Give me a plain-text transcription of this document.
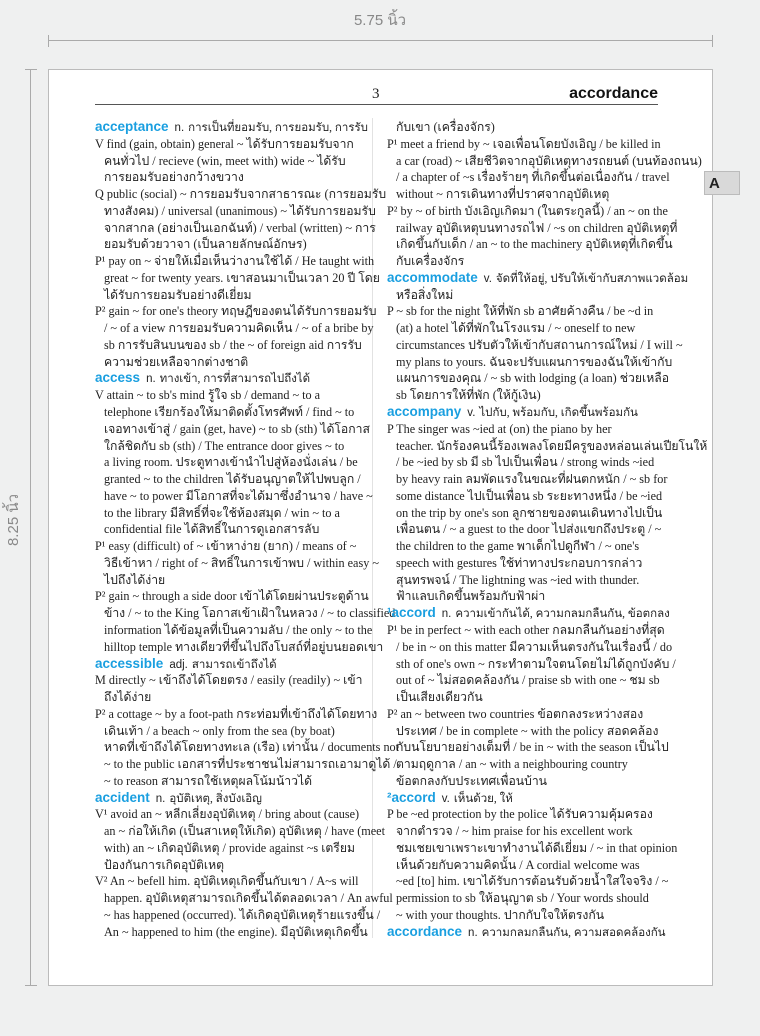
5.75 นิ้ว
8.25 นิ้ว
3	accordance
A
acceptance n. การเป็นที่ยอมรับ, การยอมรับ, การรับ
V find (gain, obtain) general ~ ได้รับการยอมรับจาก
คนทั่วไป / recieve (win, meet with) wide ~ ได้รับ
การยอมรับอย่างกว้างขวาง
Q public (social) ~ การยอมรับจากสาธารณะ (การยอมรับ
ทางสังคม) / universal (unanimous) ~ ได้รับการยอมรับ
จากสากล (อย่างเป็นเอกฉันท์) / verbal (written) ~ การ
ยอมรับด้วยวาจา (เป็นลายลักษณ์อักษร)
P¹ pay on ~ จ่ายให้เมื่อเห็นว่างานใช้ได้ / He taught with
great ~ for twenty years. เขาสอนมาเป็นเวลา 20 ปี โดย
ได้รับการยอมรับอย่างดีเยี่ยม
P² gain ~ for one's theory ทฤษฎีของตนได้รับการยอมรับ
/ ~ of a view การยอมรับความคิดเห็น / ~ of a bribe by
sb การรับสินบนของ sb / the ~ of foreign aid การรับ
ความช่วยเหลือจากต่างชาติ
access n. ทางเข้า, การที่สามารถไปถึงได้
V attain ~ to sb's mind รู้ใจ sb / demand ~ to a
telephone เรียกร้องให้มาติดตั้งโทรศัพท์ / find ~ to
เจอทางเข้าสู่ / gain (get, have) ~ to sb (sth) ได้โอกาส
ใกล้ชิดกับ sb (sth) / The entrance door gives ~ to
a living room. ประตูทางเข้านำไปสู่ห้องนั่งเล่น / be
granted ~ to the children ได้รับอนุญาตให้ไปพบลูก /
have ~ to power มีโอกาสที่จะได้มาซึ่งอำนาจ / have ~
to the library มีสิทธิ์ที่จะใช้ห้องสมุด / win ~ to a
confidential file ได้สิทธิ์ในการดูเอกสารลับ
P¹ easy (difficult) of ~ เข้าหาง่าย (ยาก) / means of ~
วิธีเข้าหา / right of ~ สิทธิ์ในการเข้าพบ / within easy ~
ไปถึงได้ง่าย
P² gain ~ through a side door เข้าได้โดยผ่านประตูด้าน
ข้าง / ~ to the King โอกาสเข้าเฝ้าในหลวง / ~ to classified
information ได้ข้อมูลที่เป็นความลับ / the only ~ to the
hilltop temple ทางเดียวที่ขึ้นไปถึงโบสถ์ที่อยู่บนยอดเขา
accessible adj. สามารถเข้าถึงได้
M directly ~ เข้าถึงได้โดยตรง / easily (readily) ~ เข้า
ถึงได้ง่าย
P² a cottage ~ by a foot-path กระท่อมที่เข้าถึงได้โดยทาง
เดินเท้า / a beach ~ only from the sea (by boat)
หาดที่เข้าถึงได้โดยทางทะเล (เรือ) เท่านั้น / documents not
~ to the public เอกสารที่ประชาชนไม่สามารถเอามาดูได้ /
~ to reason สามารถใช้เหตุผลโน้มน้าวได้
accident n. อุบัติเหตุ, สิ่งบังเอิญ
V¹ avoid an ~ หลีกเลี่ยงอุบัติเหตุ / bring about (cause)
an ~ ก่อให้เกิด (เป็นสาเหตุให้เกิด) อุบัติเหตุ / have (meet
with) an ~ เกิดอุบัติเหตุ / provide against ~s เตรียม
ป้องกันการเกิดอุบัติเหตุ
V² An ~ befell him. อุบัติเหตุเกิดขึ้นกับเขา / A~s will
happen. อุบัติเหตุสามารถเกิดขึ้นได้ตลอดเวลา / An awful
~ has happened (occurred). ได้เกิดอุบัติเหตุร้ายแรงขึ้น /
An ~ happened to him (the engine). มีอุบัติเหตุเกิดขึ้น
กับเขา (เครื่องจักร)
P¹ meet a friend by ~ เจอเพื่อนโดยบังเอิญ / be killed in
a car (road) ~ เสียชีวิตจากอุบัติเหตุทางรถยนต์ (บนท้องถนน)
/ a chapter of ~s เรื่องร้ายๆ ที่เกิดขึ้นต่อเนื่องกัน / travel
without ~ การเดินทางที่ปราศจากอุบัติเหตุ
P² by ~ of birth บังเอิญเกิดมา (ในตระกูลนี้) / an ~ on the
railway อุบัติเหตุบนทางรถไฟ / ~s on children อุบัติเหตุที่
เกิดขึ้นกับเด็ก / an ~ to the machinery อุบัติเหตุที่เกิดขึ้น
กับเครื่องจักร
accommodate v. จัดที่ให้อยู่, ปรับให้เข้ากับสภาพแวดล้อม
หรือสิ่งใหม่
P ~ sb for the night ให้ที่พัก sb อาศัยค้างคืน / be ~d in
(at) a hotel ได้ที่พักในโรงแรม / ~ oneself to new
circumstances ปรับตัวให้เข้ากับสถานการณ์ใหม่ / I will ~
my plans to yours. ฉันจะปรับแผนการของฉันให้เข้ากับ
แผนการของคุณ / ~ sb with lodging (a loan) ช่วยเหลือ
sb โดยการให้ที่พัก (ให้กู้เงิน)
accompany v. ไปกับ, พร้อมกับ, เกิดขึ้นพร้อมกัน
P The singer was ~ied at (on) the piano by her
teacher. นักร้องคนนี้ร้องเพลงโดยมีครูของหล่อนเล่นเปียโนให้
/ be ~ied by sb มี sb ไปเป็นเพื่อน / strong winds ~ied
by heavy rain ลมพัดแรงในขณะที่ฝนตกหนัก / ~ sb for
some distance ไปเป็นเพื่อน sb ระยะทางหนึ่ง / be ~ied
on the trip by one's son ลูกชายของตนเดินทางไปเป็น
เพื่อนตน / ~ a guest to the door ไปส่งแขกถึงประตู / ~
the children to the game พาเด็กไปดูกีฬา / ~ one's
speech with gestures ใช้ท่าทางประกอบการกล่าว
สุนทรพจน์ / The lightning was ~ied with thunder.
ฟ้าแลบเกิดขึ้นพร้อมกับฟ้าผ่า
¹accord n. ความเข้ากันได้, ความกลมกลืนกัน, ข้อตกลง
P¹ be in perfect ~ with each other กลมกลืนกันอย่างที่สุด
/ be in ~ on this matter มีความเห็นตรงกันในเรื่องนี้ / do
sth of one's own ~ กระทำตามใจตนโดยไม่ได้ถูกบังคับ /
out of ~ ไม่สอดคล้องกัน / praise sb with one ~ ชม sb
เป็นเสียงเดียวกัน
P² an ~ between two countries ข้อตกลงระหว่างสอง
ประเทศ / be in complete ~ with the policy สอดคล้อง
กับนโยบายอย่างเต็มที่ / be in ~ with the season เป็นไป
ตามฤดูกาล / an ~ with a neighbouring country
ข้อตกลงกับประเทศเพื่อนบ้าน
²accord v. เห็นด้วย, ให้
P be ~ed protection by the police ได้รับความคุ้มครอง
จากตำรวจ / ~ him praise for his excellent work
ชมเชยเขาเพราะเขาทำงานได้ดีเยี่ยม / ~ in that opinion
เห็นด้วยกับความคิดนั้น / A cordial welcome was
~ed [to] him. เขาได้รับการต้อนรับด้วยน้ำใสใจจริง / ~
permission to sb ให้อนุญาต sb / Your words should
~ with your thoughts. ปากกับใจให้ตรงกัน
accordance n. ความกลมกลืนกัน, ความสอดคล้องกัน
